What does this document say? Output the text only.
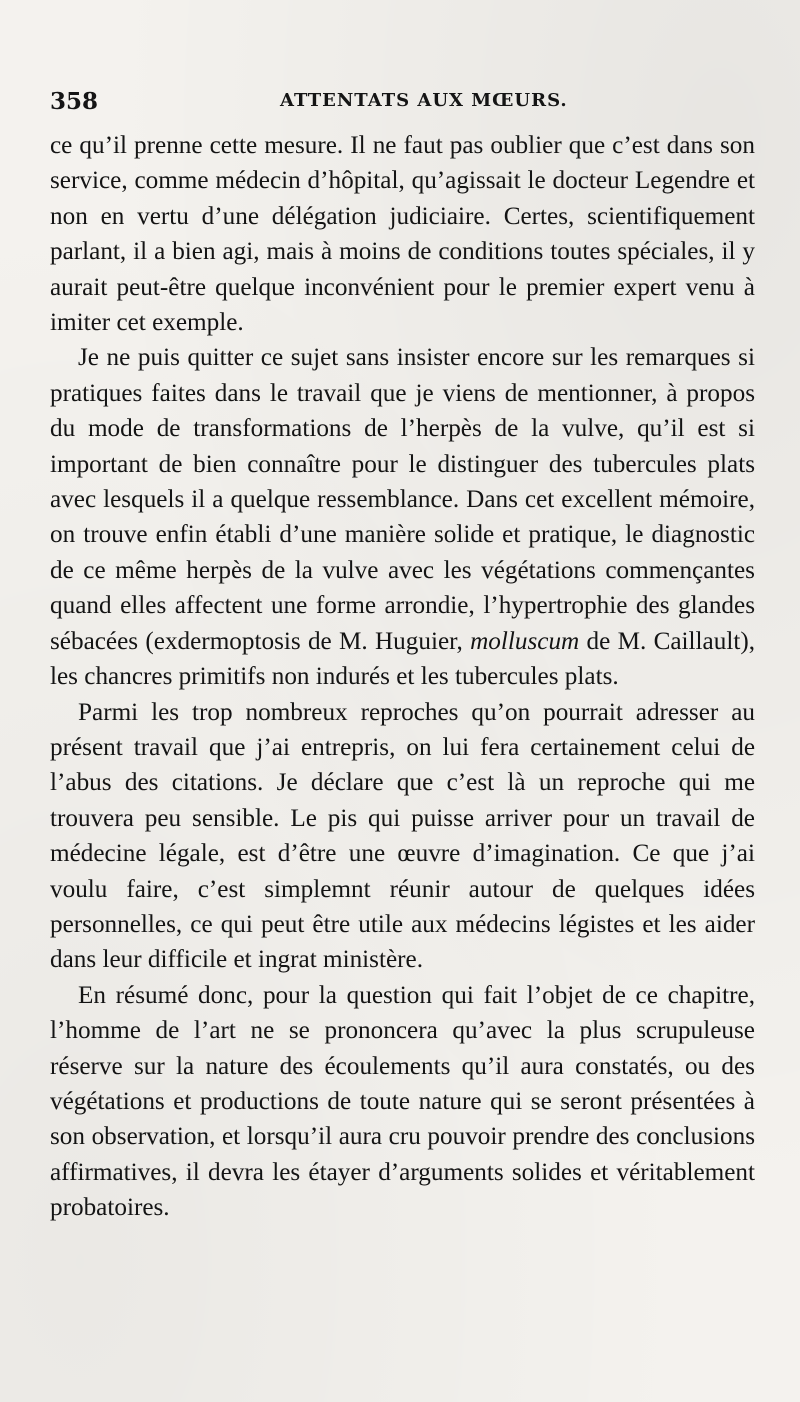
358	ATTENTATS AUX MŒURS.

ce qu’il prenne cette mesure. Il ne faut pas oublier que c’est dans son service, comme médecin d’hôpital, qu’agissait le docteur Legendre et non en vertu d’une délégation judiciaire. Certes, scientifiquement parlant, il a bien agi, mais à moins de conditions toutes spéciales, il y aurait peut-être quelque inconvénient pour le premier expert venu à imiter cet exemple.

Je ne puis quitter ce sujet sans insister encore sur les remarques si pratiques faites dans le travail que je viens de mentionner, à propos du mode de transformations de l’herpès de la vulve, qu’il est si important de bien connaître pour le distinguer des tubercules plats avec lesquels il a quelque ressemblance. Dans cet excellent mémoire, on trouve enfin établi d’une manière solide et pratique, le diagnostic de ce même herpès de la vulve avec les végétations commençantes quand elles affectent une forme arrondie, l’hypertrophie des glandes sébacées (exdermoptosis de M. Huguier, molluscum de M. Caillault), les chancres primitifs non indurés et les tubercules plats.

Parmi les trop nombreux reproches qu’on pourrait adresser au présent travail que j’ai entrepris, on lui fera certainement celui de l’abus des citations. Je déclare que c’est là un reproche qui me trouvera peu sensible. Le pis qui puisse arriver pour un travail de médecine légale, est d’être une œuvre d’imagination. Ce que j’ai voulu faire, c’est simplemnt réunir autour de quelques idées personnelles, ce qui peut être utile aux médecins légistes et les aider dans leur difficile et ingrat ministère.

En résumé donc, pour la question qui fait l’objet de ce chapitre, l’homme de l’art ne se prononcera qu’avec la plus scrupuleuse réserve sur la nature des écoulements qu’il aura constatés, ou des végétations et productions de toute nature qui se seront présentées à son observation, et lorsqu’il aura cru pouvoir prendre des conclusions affirmatives, il devra les étayer d’arguments solides et véritablement probatoires.
